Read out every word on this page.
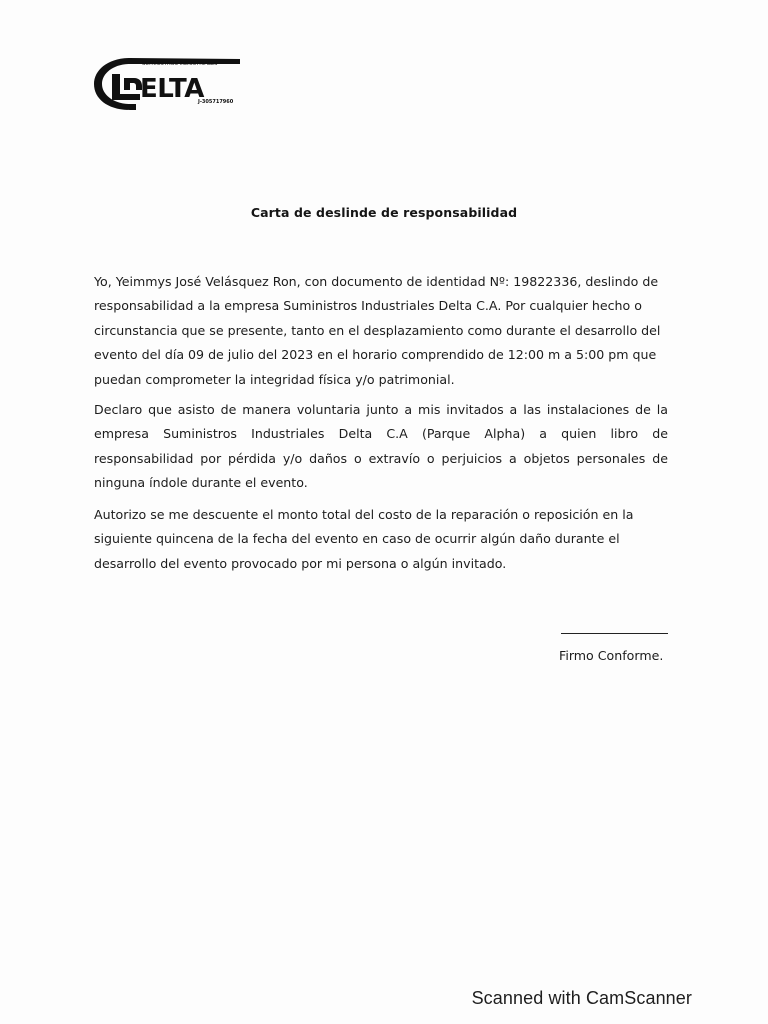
SUMINISTROS INDUSTRIALES
ELTA
J-305717960
Carta de deslinde de responsabilidad
Yo, Yeimmys José Velásquez Ron, con documento de identidad Nº: 19822336, deslindo de responsabilidad a la empresa Suministros Industriales Delta C.A. Por cualquier hecho o circunstancia que se presente, tanto en el desplazamiento como durante el desarrollo del evento del día 09 de julio del 2023 en el horario comprendido de 12:00 m a 5:00 pm que puedan comprometer la integridad física y/o patrimonial.
Declaro que asisto de manera voluntaria junto a mis invitados a las instalaciones de la empresa Suministros Industriales Delta C.A (Parque Alpha) a quien libro de responsabilidad por pérdida y/o daños o extravío o perjuicios a objetos personales de ninguna índole durante el evento.
Autorizo se me descuente el monto total del costo de la reparación o reposición en la siguiente quincena de la fecha del evento en caso de ocurrir algún daño durante el desarrollo del evento provocado por mi persona o algún invitado.
Firmo Conforme.
Scanned with CamScanner
